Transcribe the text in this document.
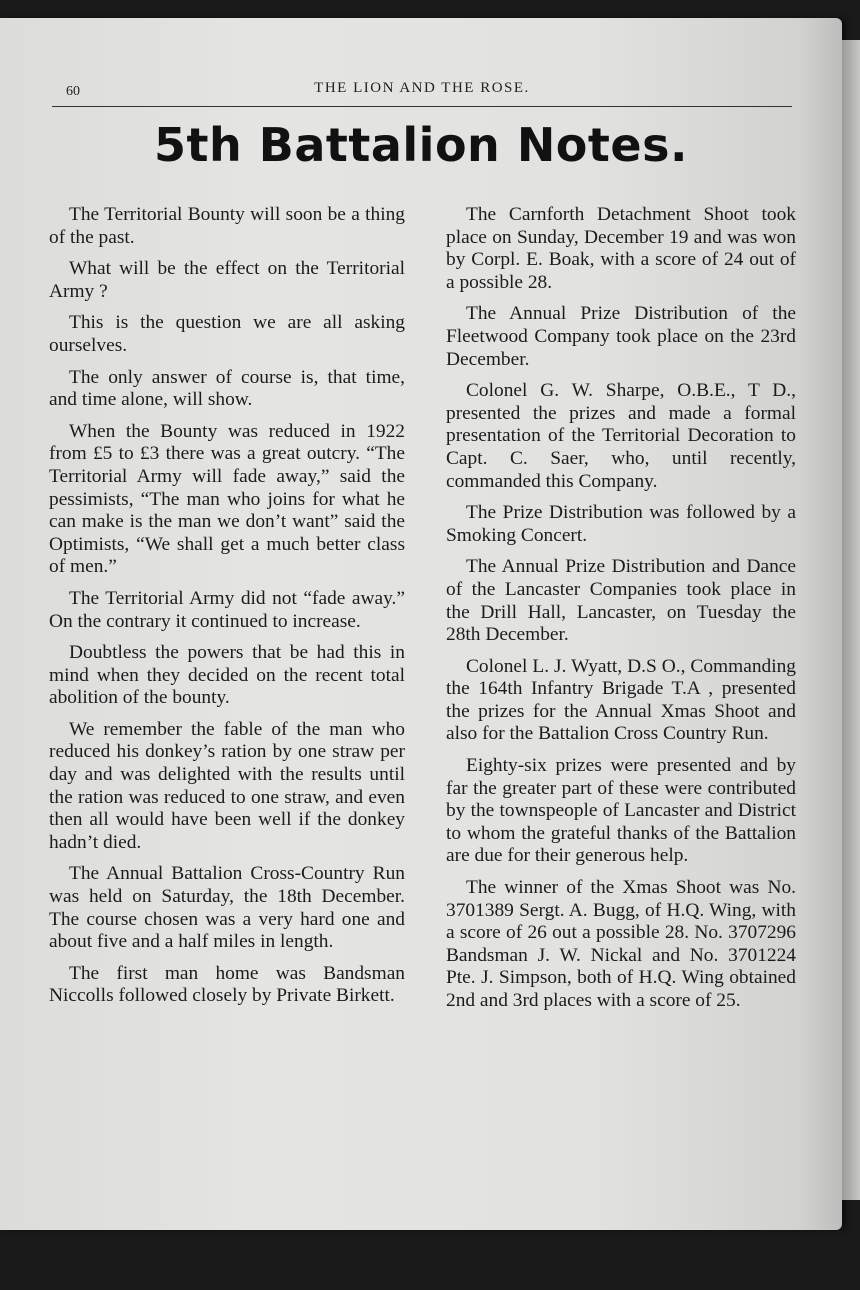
60	THE LION AND THE ROSE.
5th Battalion Notes.

The Territorial Bounty will soon be a thing of the past.

What will be the effect on the Territorial Army ?

This is the question we are all asking ourselves.

The only answer of course is, that time, and time alone, will show.

When the Bounty was reduced in 1922 from £5 to £3 there was a great outcry. “The Territorial Army will fade away,” said the pessimists, “The man who joins for what he can make is the man we don’t want” said the Optimists, “We shall get a much better class of men.”

The Territorial Army did not “fade away.” On the contrary it continued to increase.

Doubtless the powers that be had this in mind when they decided on the recent total abolition of the bounty.

We remember the fable of the man who reduced his donkey’s ration by one straw per day and was delighted with the results until the ration was reduced to one straw, and even then all would have been well if the donkey hadn’t died.

The Annual Battalion Cross-Country Run was held on Saturday, the 18th December. The course chosen was a very hard one and about five and a half miles in length.

The first man home was Bandsman Niccolls followed closely by Private Birkett.

The Carnforth Detachment Shoot took place on Sunday, December 19 and was won by Corpl. E. Boak, with a score of 24 out of a possible 28.

The Annual Prize Distribution of the Fleetwood Company took place on the 23rd December.

Colonel G. W. Sharpe, O.B.E., T D., presented the prizes and made a formal presentation of the Territorial Decoration to Capt. C. Saer, who, until recently, commanded this Company.

The Prize Distribution was followed by a Smoking Concert.

The Annual Prize Distribution and Dance of the Lancaster Companies took place in the Drill Hall, Lancaster, on Tuesday the 28th December.

Colonel L. J. Wyatt, D.S O., Commanding the 164th Infantry Brigade T.A , presented the prizes for the Annual Xmas Shoot and also for the Battalion Cross Country Run.

Eighty-six prizes were presented and by far the greater part of these were contributed by the townspeople of Lancaster and District to whom the grateful thanks of the Battalion are due for their generous help.

The winner of the Xmas Shoot was No. 3701389 Sergt. A. Bugg, of H.Q. Wing, with a score of 26 out a possible 28. No. 3707296 Bandsman J. W. Nickal and No. 3701224 Pte. J. Simpson, both of H.Q. Wing obtained 2nd and 3rd places with a score of 25.
